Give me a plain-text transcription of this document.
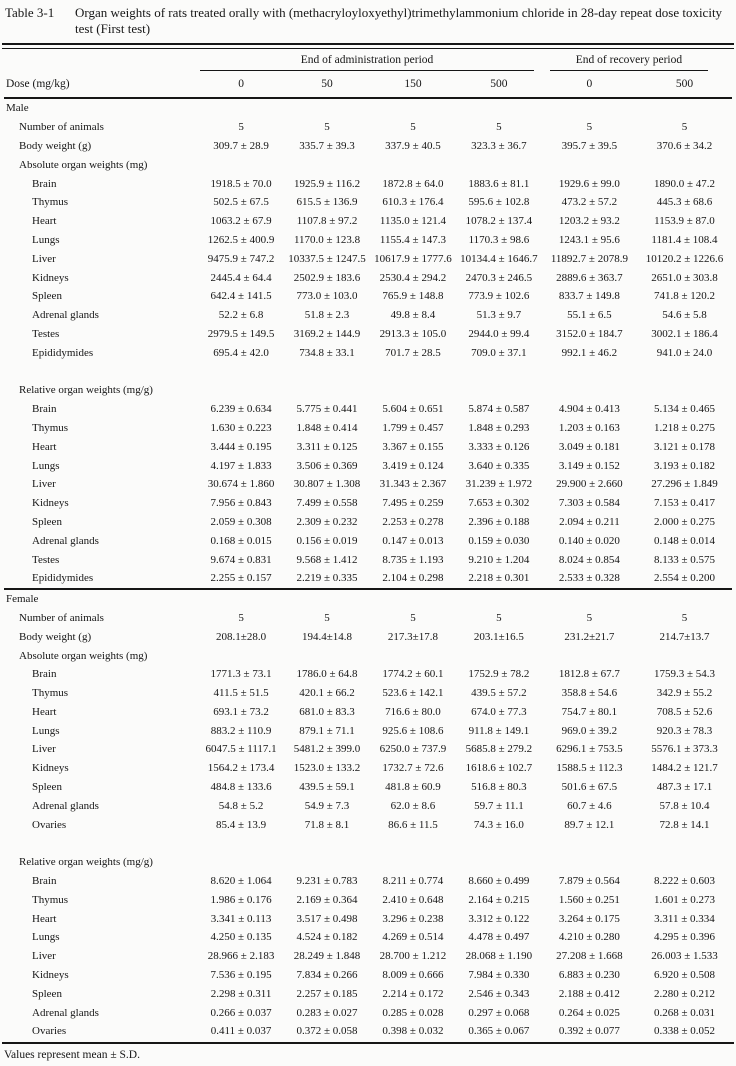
Table 3-1	Organ weights of rats treated orally with (methacryloyloxyethyl)trimethylammonium chloride in 28-day repeat dose toxicity test (First test)

	End of administration period				End of recovery period	

Dose (mg/kg)	0	50	150	500	0	500
Male						
Number of animals	5	5	5	5	5	5
Body weight (g)	309.7 ± 28.9	335.7 ± 39.3	337.9 ± 40.5	323.3 ± 36.7	395.7 ± 39.5	370.6 ± 34.2
Absolute organ weights (mg)						
Brain	1918.5 ± 70.0	1925.9 ± 116.2	1872.8 ± 64.0	1883.6 ± 81.1	1929.6 ± 99.0	1890.0 ± 47.2
Thymus	502.5 ± 67.5	615.5 ± 136.9	610.3 ± 176.4	595.6 ± 102.8	473.2 ± 57.2	445.3 ± 68.6
Heart	1063.2 ± 67.9	1107.8 ± 97.2	1135.0 ± 121.4	1078.2 ± 137.4	1203.2 ± 93.2	1153.9 ± 87.0
Lungs	1262.5 ± 400.9	1170.0 ± 123.8	1155.4 ± 147.3	1170.3 ± 98.6	1243.1 ± 95.6	1181.4 ± 108.4
Liver	9475.9 ± 747.2	10337.5 ± 1247.5	10617.9 ± 1777.6	10134.4 ± 1646.7	11892.7 ± 2078.9	10120.2 ± 1226.6
Kidneys	2445.4 ± 64.4	2502.9 ± 183.6	2530.4 ± 294.2	2470.3 ± 246.5	2889.6 ± 363.7	2651.0 ± 303.8
Spleen	642.4 ± 141.5	773.0 ± 103.0	765.9 ± 148.8	773.9 ± 102.6	833.7 ± 149.8	741.8 ± 120.2
Adrenal glands	52.2 ± 6.8	51.8 ± 2.3	49.8 ± 8.4	51.3 ± 9.7	55.1 ± 6.5	54.6 ± 5.8
Testes	2979.5 ± 149.5	3169.2 ± 144.9	2913.3 ± 105.0	2944.0 ± 99.4	3152.0 ± 184.7	3002.1 ± 186.4
Epididymides	695.4 ± 42.0	734.8 ± 33.1	701.7 ± 28.5	709.0 ± 37.1	992.1 ± 46.2	941.0 ± 24.0

Relative organ weights (mg/g)						
Brain	6.239 ± 0.634	5.775 ± 0.441	5.604 ± 0.651	5.874 ± 0.587	4.904 ± 0.413	5.134 ± 0.465
Thymus	1.630 ± 0.223	1.848 ± 0.414	1.799 ± 0.457	1.848 ± 0.293	1.203 ± 0.163	1.218 ± 0.275
Heart	3.444 ± 0.195	3.311 ± 0.125	3.367 ± 0.155	3.333 ± 0.126	3.049 ± 0.181	3.121 ± 0.178
Lungs	4.197 ± 1.833	3.506 ± 0.369	3.419 ± 0.124	3.640 ± 0.335	3.149 ± 0.152	3.193 ± 0.182
Liver	30.674 ± 1.860	30.807 ± 1.308	31.343 ± 2.367	31.239 ± 1.972	29.900 ± 2.660	27.296 ± 1.849
Kidneys	7.956 ± 0.843	7.499 ± 0.558	7.495 ± 0.259	7.653 ± 0.302	7.303 ± 0.584	7.153 ± 0.417
Spleen	2.059 ± 0.308	2.309 ± 0.232	2.253 ± 0.278	2.396 ± 0.188	2.094 ± 0.211	2.000 ± 0.275
Adrenal glands	0.168 ± 0.015	0.156 ± 0.019	0.147 ± 0.013	0.159 ± 0.030	0.140 ± 0.020	0.148 ± 0.014
Testes	9.674 ± 0.831	9.568 ± 1.412	8.735 ± 1.193	9.210 ± 1.204	8.024 ± 0.854	8.133 ± 0.575
Epididymides	2.255 ± 0.157	2.219 ± 0.335	2.104 ± 0.298	2.218 ± 0.301	2.533 ± 0.328	2.554 ± 0.200
Female						
Number of animals	5	5	5	5	5	5
Body weight (g)	208.1±28.0	194.4±14.8	217.3±17.8	203.1±16.5	231.2±21.7	214.7±13.7
Absolute organ weights (mg)						
Brain	1771.3 ± 73.1	1786.0 ± 64.8	1774.2 ± 60.1	1752.9 ± 78.2	1812.8 ± 67.7	1759.3 ± 54.3
Thymus	411.5 ± 51.5	420.1 ± 66.2	523.6 ± 142.1	439.5 ± 57.2	358.8 ± 54.6	342.9 ± 55.2
Heart	693.1 ± 73.2	681.0 ± 83.3	716.6 ± 80.0	674.0 ± 77.3	754.7 ± 80.1	708.5 ± 52.6
Lungs	883.2 ± 110.9	879.1 ± 71.1	925.6 ± 108.6	911.8 ± 149.1	969.0 ± 39.2	920.3 ± 78.3
Liver	6047.5 ± 1117.1	5481.2 ± 399.0	6250.0 ± 737.9	5685.8 ± 279.2	6296.1 ± 753.5	5576.1 ± 373.3
Kidneys	1564.2 ± 173.4	1523.0 ± 133.2	1732.7 ± 72.6	1618.6 ± 102.7	1588.5 ± 112.3	1484.2 ± 121.7
Spleen	484.8 ± 133.6	439.5 ± 59.1	481.8 ± 60.9	516.8 ± 80.3	501.6 ± 67.5	487.3 ± 17.1
Adrenal glands	54.8 ± 5.2	54.9 ± 7.3	62.0 ± 8.6	59.7 ± 11.1	60.7 ± 4.6	57.8 ± 10.4
Ovaries	85.4 ± 13.9	71.8 ± 8.1	86.6 ± 11.5	74.3 ± 16.0	89.7 ± 12.1	72.8 ± 14.1

Relative organ weights (mg/g)						
Brain	8.620 ± 1.064	9.231 ± 0.783	8.211 ± 0.774	8.660 ± 0.499	7.879 ± 0.564	8.222 ± 0.603
Thymus	1.986 ± 0.176	2.169 ± 0.364	2.410 ± 0.648	2.164 ± 0.215	1.560 ± 0.251	1.601 ± 0.273
Heart	3.341 ± 0.113	3.517 ± 0.498	3.296 ± 0.238	3.312 ± 0.122	3.264 ± 0.175	3.311 ± 0.334
Lungs	4.250 ± 0.135	4.524 ± 0.182	4.269 ± 0.514	4.478 ± 0.497	4.210 ± 0.280	4.295 ± 0.396
Liver	28.966 ± 2.183	28.249 ± 1.848	28.700 ± 1.212	28.068 ± 1.190	27.208 ± 1.668	26.003 ± 1.533
Kidneys	7.536 ± 0.195	7.834 ± 0.266	8.009 ± 0.666	7.984 ± 0.330	6.883 ± 0.230	6.920 ± 0.508
Spleen	2.298 ± 0.311	2.257 ± 0.185	2.214 ± 0.172	2.546 ± 0.343	2.188 ± 0.412	2.280 ± 0.212
Adrenal glands	0.266 ± 0.037	0.283 ± 0.027	0.285 ± 0.028	0.297 ± 0.068	0.264 ± 0.025	0.268 ± 0.031
Ovaries	0.411 ± 0.037	0.372 ± 0.058	0.398 ± 0.032	0.365 ± 0.067	0.392 ± 0.077	0.338 ± 0.052
Values represent mean ± S.D.
